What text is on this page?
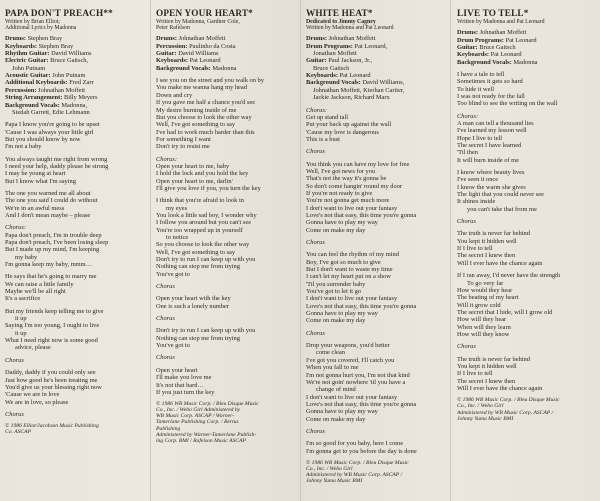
PAPA DON'T PREACH**
Written by Brian Elliot;
Additional Lyrics by Madonna
Drums: Stephen Bray
Keyboards: Stephen Bray
Rhythm Guitar: David Williams
Electric Guitar: Bruce Gaitsch,
John Putnam
Acoustic Guitar: John Putnam
Additional Keyboards: Fred Zarr
Percussion: Johnathan Moffett
String Arrangement: Billy Meyers
Background Vocals: Madonna,
Siedah Garrett, Edie Lehmann
Papa I know you're going to be upset
'Cause I was always your little girl
But you should know by now
I'm not a baby
You always taught me right from wrong
I need your help, daddy please be strong
I may be young at heart
But I know what I'm saying
The one you warned me all about
The one you said I could do without
We're in an awful mess
And I don't mean maybe – please
Chorus:
Papa don't preach, I'm in trouble deep
Papa don't preach, I've been losing sleep
But I made up my mind, I'm keeping
my baby
I'm gonna keep my baby, mmm…
He says that he's going to marry me
We can raise a little family
Maybe we'll be all right
It's a sacrifice
But my friends keep telling me to give
it up
Saying I'm too young, I ought to live
it up
What I need right now is some good
advice, please
Chorus
Daddy, daddy if you could only see
Just how good he's been treating me
You'd give us your blessing right now
'Cause we are in love
We are in love, so please
Chorus
© 1986 Elliot/Jacobsen Music Publishing
Co. ASCAP
OPEN YOUR HEART*
Written by Madonna, Gardner Cole,
Peter Rafelson
Drums: Johnathan Moffett
Percussion: Paulinho da Costa
Guitar: David Williams
Keyboards: Pat Leonard
Background Vocals: Madonna
I see you on the street and you walk on by
You make me wanna hang my head
Down and cry
If you gave me half a chance you'd see
My desire burning inside of me
But you choose to look the other way
Well, I've got something to say
I've had to work much harder than this
For something I want
Don't try to resist me
Chorus:
Open your heart to me, baby
I hold the lock and you hold the key
Open your heart to me, darlin'
I'll give you love if you, you turn the key
I think that you're afraid to look in
my eyes
You look a little sad boy, I wonder why
I follow you around but you can't see
You're too wrapped up in yourself
to notice
So you choose to look the other way
Well, I've got something to say
Don't try to run I can keep up with you
Nothing can stop me from trying
You've got to
Chorus
Open your heart with the key
One is such a lonely number
Chorus
Don't try to run I can keep up with you
Nothing can stop me from trying
You've got to
Chorus
Open your heart
I'll make you love me
It's not that hard…
If you just turn the key
© 1986 WB Music Corp. / Bleu Disque Music
Co., Inc. / Webo Girl Administered by
WB Music Corp. ASCAP / Warner-
Tamerlane Publishing Corp. / Bertus
Publishing
Administered by Warner-Tamerlane Publish-
ing Corp. BMI / Rafelson Music ASCAP
WHITE HEAT*
Dedicated to Jimmy Cagney
Written by Madonna and Pat Leonard
Drums: Johnathan Moffett
Drum Programs: Pat Leonard,
Jonathan Moffett
Guitar: Paul Jackson, Jr.,
Bruce Gaitsch
Keyboards: Pat Leonard
Background Vocals: David Williams,
Johnathan Moffett, Kierhan Cartier,
Jackie Jackson, Richard Marx
Chorus:
Get up stand tall
Put your back up against the wall
'Cause my love is dangerous
This is a bust
Chorus
You think you can have my love for free
Well, I've got news for you
That's not the way it's gonna be
So don't come hangin' round my door
If you're not ready to give
You're not gonna get much more
I don't want to live out your fantasy
Love's not that easy, this time you're gonna
Gonna have to play my way
Come on make my day
Chorus
You can feel the rhythm of my mind
Boy, I've got so much to give
But I don't want to waste my time
I can't let my heart put on a show
'Til you surrender baby
You've got to let it go
I don't want to live out your fantasy
Love's not that easy, this time you're gonna
Gonna have to play my way
Come on make my day
Chorus
Drop your weapons, you'd better
come clean
I've got you covered, I'll catch you
When you fall to me
I'm not gonna hurt you, I'm not that kind
We're not goin' nowhere 'til you have a
change of mind
I don't want to live out your fantasy
Love's not that easy, this time you're gonna
Gonna have to play my way
Come on make my day
Chorus
I'm so good for you baby, here I come
I'm gonna get to you before the day is done
© 1986 WB Music Corp. / Bleu Disque Music
Co., Inc. / Webo Girl
Administered by WB Music Corp. ASCAP /
Johnny Yuma Music BMI
LIVE TO TELL*
Written by Madonna and Pat Leonard
Drums: Johnathan Moffett
Drum Programs: Pat Leonard
Guitar: Bruce Gaitsch
Keyboards: Pat Leonard
Background Vocals: Madonna
I have a tale to tell
Sometimes it gets so hard
To hide it well
I was not ready for the fall
Too blind to see the writing on the wall
Chorus:
A man can tell a thousand lies
I've learned my lesson well
Hope I live to tell
The secret I have learned
'Til then
It will burn inside of me
I know where beauty lives
I've seen it once
I know the warm she gives
The light that you could never see
It shines inside
you can't take that from me
Chorus
The truth is never far behind
You kept it hidden well
If I live to tell
The secret I knew then
Will I ever have the chance again
If I ran away, I'd never have the strength
To go very far
How would they hear
The beating of my heart
Will it grow cold
The secret that I hide, will I grow old
How will they hear
When will they learn
How will they know
Chorus
The truth is never far behind
You kept it hidden well
If I live to tell
The secret I knew then
Will I ever have the chance again
© 1986 WB Music Corp. / Bleu Disque Music
Co., Inc. / Webo Girl
Administered by WB Music Corp. ASCAP /
Johnny Yuma Music BMI
